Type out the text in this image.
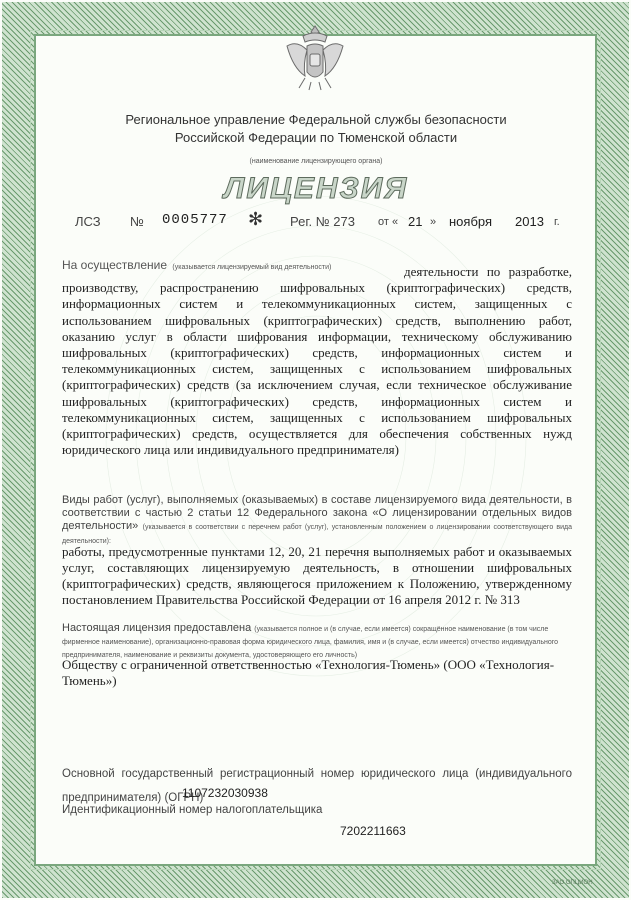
Региональное управление Федеральной службы безопасности
Российской Федерации по Тюменской области

(наименование лицензирующего органа)

ЛИЦЕНЗИЯ

ЛСЗ № 0005777 ✻ Рег. № 273 от « 21 » ноября 2013 г.

На осуществление (указывается лицензируемый вид деятельности)	деятельности по разработке, производству, распространению шифровальных (криптографических) средств, информационных систем и телекоммуникационных систем, защищенных с использованием шифровальных (криптографических) средств, выполнению работ, оказанию услуг в области шифрования информации, техническому обслуживанию шифровальных (криптографических) средств, информационных систем и телекоммуникационных систем, защищенных с использованием шифровальных (криптографических) средств (за исключением случая, если техническое обслуживание шифровальных (криптографических) средств, информационных систем и телекоммуникационных систем, защищенных с использованием шифровальных (криптографических) средств, осуществляется для обеспечения собственных нужд юридического лица или индивидуального предпринимателя)

Виды работ (услуг), выполняемых (оказываемых) в составе лицензируемого вида деятельности, в соответствии с частью 2 статьи 12 Федерального закона «О лицензировании отдельных видов деятельности» (указывается в соответствии с перечнем работ (услуг), установленным положением о лицензировании соответствующего вида деятельности):

работы, предусмотренные пунктами 12, 20, 21 перечня выполняемых работ и оказываемых услуг, составляющих лицензируемую деятельность, в отношении шифровальных (криптографических) средств, являющегося приложением к Положению, утвержденному постановлением Правительства Российской Федерации от 16 апреля 2012 г. № 313

Настоящая лицензия предоставлена (указывается полное и (в случае, если имеется) сокращённое наименование (в том числе фирменное наименование), организационно-правовая форма юридического лица, фамилия, имя и (в случае, если имеется) отчество индивидуального предпринимателя, наименование и реквизиты документа, удостоверяющего его личность)

Обществу с ограниченной ответственностью «Технология-Тюмень» (ООО «Технология-Тюмень»)

Основной государственный регистрационный номер юридического лица (индивидуального предпринимателя) (ОГРН)

1107232030938

Идентификационный номер налогоплательщика

7202211663

ЗАО ОПЦИОН
